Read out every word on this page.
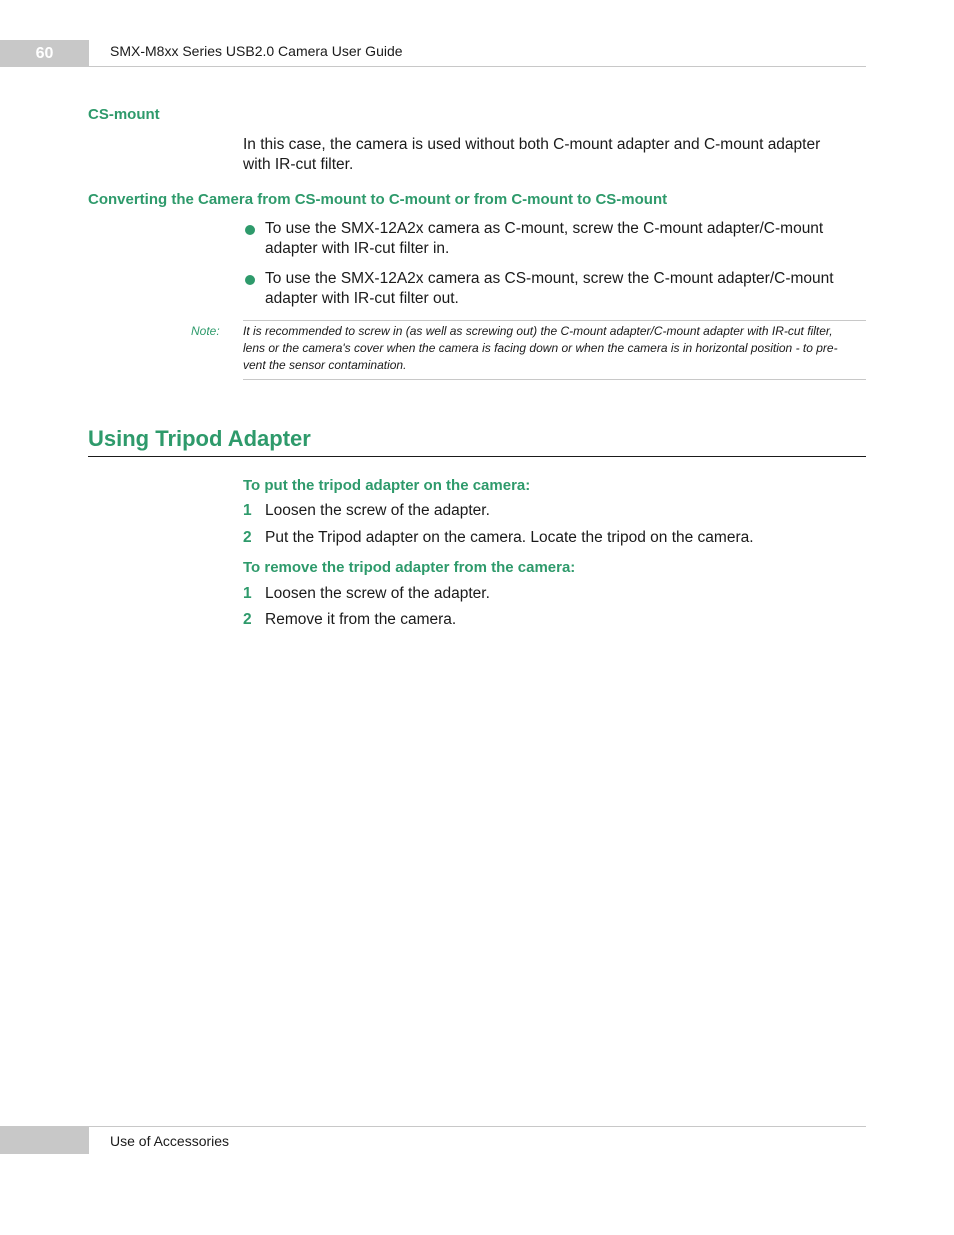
60	SMX-M8xx Series USB2.0 Camera User Guide
CS-mount
In this case, the camera is used without both C-mount adapter and C-mount adapter
with IR-cut filter.
Converting the Camera from CS-mount to C-mount or from C-mount to CS-mount
To use the SMX-12A2x camera as C-mount, screw the C-mount adapter/C-mount
adapter with IR-cut filter in.
To use the SMX-12A2x camera as CS-mount, screw the C-mount adapter/C-mount
adapter with IR-cut filter out.
Note: It is recommended to screw in (as well as screwing out) the C-mount adapter/C-mount adapter with IR-cut filter,
lens or the camera's cover when the camera is facing down or when the camera is in horizontal position - to pre-
vent the sensor contamination.
Using Tripod Adapter
To put the tripod adapter on the camera:
1 Loosen the screw of the adapter.
2 Put the Tripod adapter on the camera. Locate the tripod on the camera.
To remove the tripod adapter from the camera:
1 Loosen the screw of the adapter.
2 Remove it from the camera.
Use of Accessories
